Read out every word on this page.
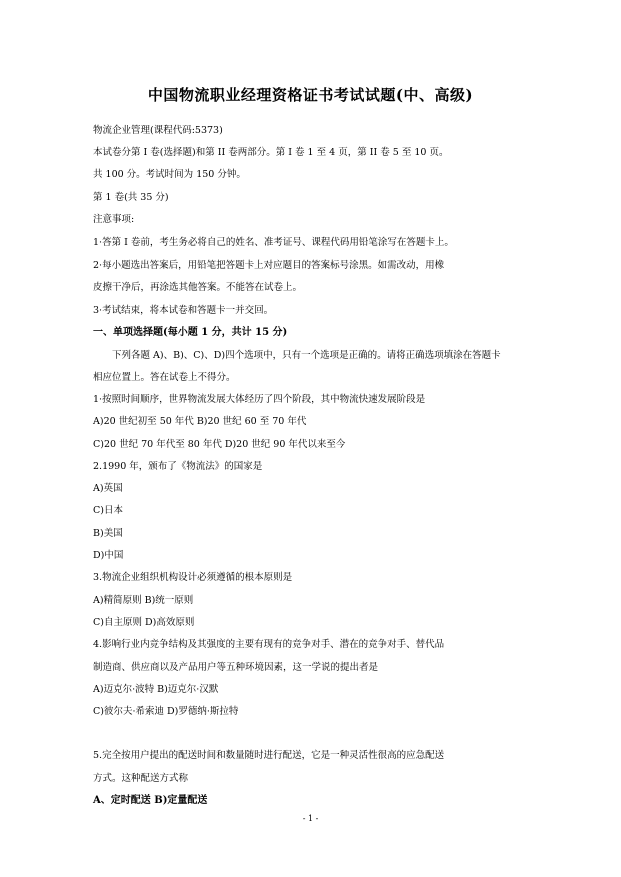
中国物流职业经理资格证书考试试题(中、高级)
物流企业管理(课程代码:5373)
本试卷分第 I 卷(选择题)和第 II 卷两部分。第 I 卷 1 至 4 页，第 II 卷 5 至 10 页。
共 100 分。考试时间为 150 分钟。
第 1 卷(共 35 分)
注意事项:
1·答第 I 卷前，考生务必将自己的姓名、准考证号、课程代码用铅笔涂写在答题卡上。
2·每小题选出答案后，用铅笔把答题卡上对应题目的答案标号涂黑。如需改动，用橡
皮擦干净后，再涂选其他答案。不能答在试卷上。
3·考试结束，将本试卷和答题卡一并交回。
一、单项选择题(每小题 1 分，共计 15 分)
下列各题 A)、B)、C)、D)四个选项中，只有一个选项是正确的。请将正确选项填涂在答题卡
相应位置上。答在试卷上不得分。
1·按照时间顺序，世界物流发展大体经历了四个阶段，其中物流快速发展阶段是
A)20 世纪初至 50 年代 B)20 世纪 60 至 70 年代
C)20 世纪 70 年代至 80 年代 D)20 世纪 90 年代以来至今
2.1990 年，颁布了《物流法》的国家是
A)英国
C)日本
B)美国
D)中国
3.物流企业组织机构设计必须遵循的根本原则是
A)精简原则 B)统一原则
C)自主原则 D)高效原则
4.影响行业内竞争结构及其强度的主要有现有的竞争对手、潜在的竞争对手、替代品
制造商、供应商以及产品用户等五种环境因素，这一学说的提出者是
A)迈克尔·波特 B)迈克尔·汉默
C)彼尔夫·希索迪 D)罗德纳·斯拉特
5.完全按用户提出的配送时间和数量随时进行配送，它是一种灵活性很高的应急配送
方式。这种配送方式称
A、定时配送 B)定量配送
- 1 -
